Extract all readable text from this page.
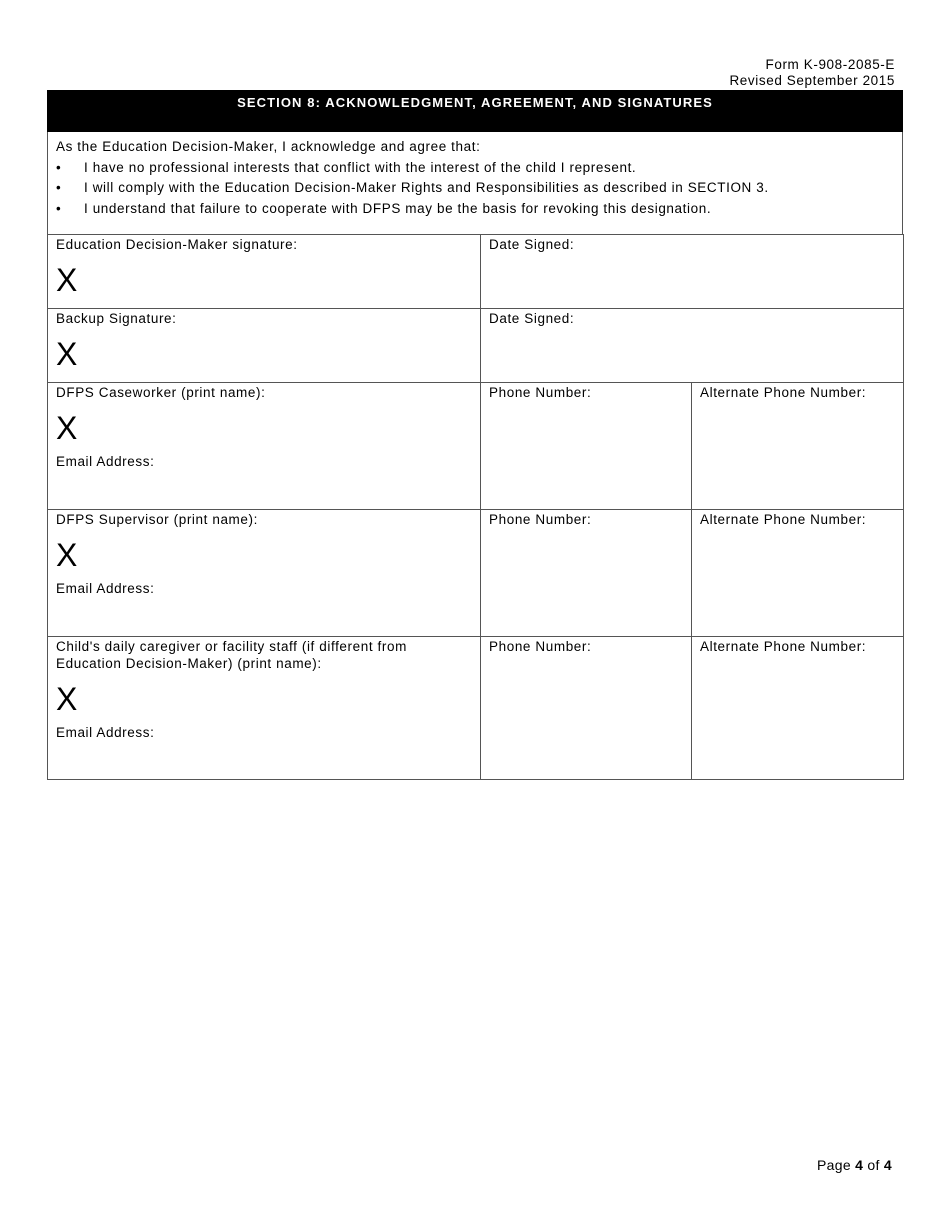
Form K-908-2085-E
Revised September 2015
SECTION 8: ACKNOWLEDGMENT, AGREEMENT, AND SIGNATURES
As the Education Decision-Maker, I acknowledge and agree that:
• I have no professional interests that conflict with the interest of the child I represent.
• I will comply with the Education Decision-Maker Rights and Responsibilities as described in SECTION 3.
• I understand that failure to cooperate with DFPS may be the basis for revoking this designation.
Education Decision-Maker signature:
X	Date Signed:	

Backup Signature:
X	Date Signed:	

DFPS Caseworker (print name):
X
Email Address:	Phone Number:	Alternate Phone Number:

DFPS Supervisor (print name):
X
Email Address:	Phone Number:	Alternate Phone Number:

Child's daily caregiver or facility staff (if different from Education Decision-Maker) (print name):
X
Email Address:	Phone Number:	Alternate Phone Number:
Page 4 of 4
